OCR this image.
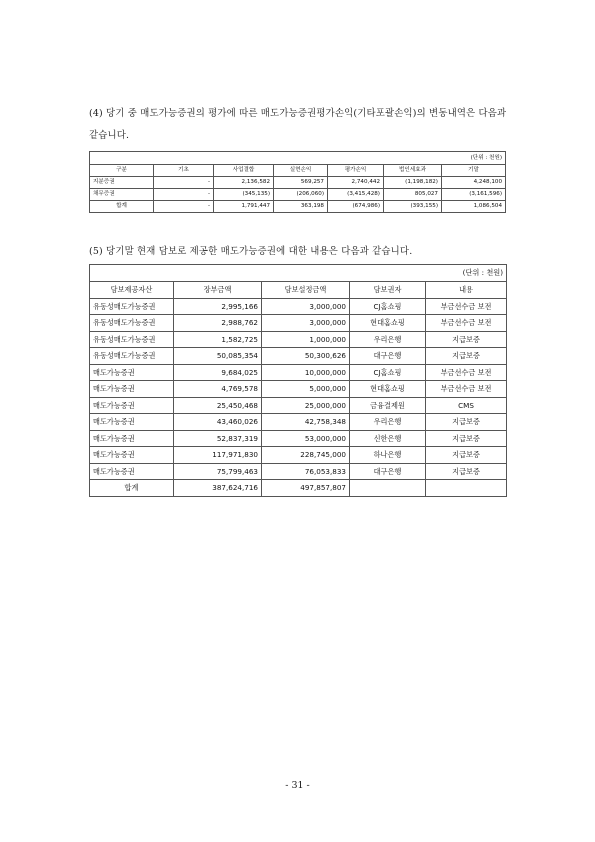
(4) 당기 중 매도가능증권의 평가에 따른 매도가능증권평가손익(기타포괄손익)의 변동내역은 다음과 같습니다.
(단위 : 천원)						
구분	기초	사업결합	실현손익	평가손익	법인세효과	기말
지분증권	-	2,136,582	569,257	2,740,442	(1,198,182)	4,248,100
채무증권	-	(345,135)	(206,060)	(3,415,428)	805,027	(3,161,596)
합계	-	1,791,447	363,198	(674,986)	(393,155)	1,086,504
(5) 당기말 현재 담보로 제공한 매도가능증권에 대한 내용은 다음과 같습니다.
(단위 : 천원)				
담보제공자산	장부금액	담보설정금액	담보권자	내용
유동성매도가능증권	2,995,166	3,000,000	CJ홈쇼핑	부금선수금 보전
유동성매도가능증권	2,988,762	3,000,000	현대홈쇼핑	부금선수금 보전
유동성매도가능증권	1,582,725	1,000,000	우리은행	지급보증
유동성매도가능증권	50,085,354	50,300,626	대구은행	지급보증
매도가능증권	9,684,025	10,000,000	CJ홈쇼핑	부금선수금 보전
매도가능증권	4,769,578	5,000,000	현대홈쇼핑	부금선수금 보전
매도가능증권	25,450,468	25,000,000	금융결제원	CMS
매도가능증권	43,460,026	42,758,348	우리은행	지급보증
매도가능증권	52,837,319	53,000,000	신한은행	지급보증
매도가능증권	117,971,830	228,745,000	하나은행	지급보증
매도가능증권	75,799,463	76,053,833	대구은행	지급보증
합계	387,624,716	497,857,807		
- 31 -
